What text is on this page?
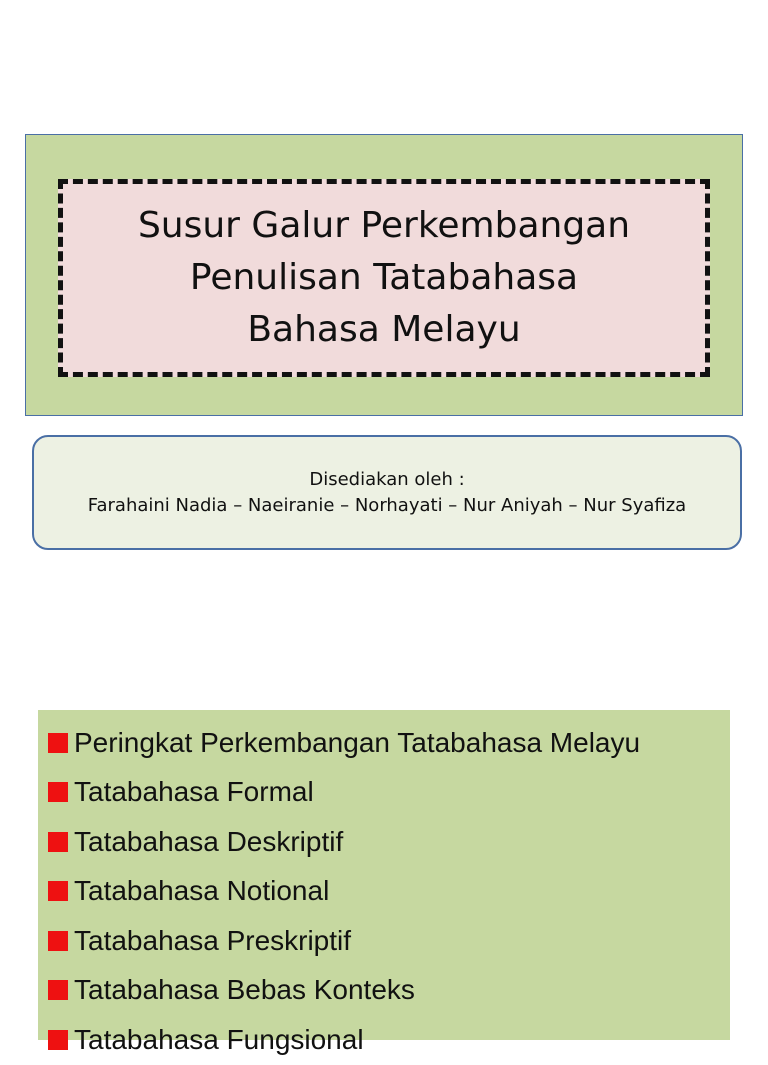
Susur Galur Perkembangan
Penulisan Tatabahasa
Bahasa Melayu
Disediakan oleh :
Farahaini Nadia – Naeiranie – Norhayati – Nur Aniyah – Nur Syafiza
Peringkat Perkembangan Tatabahasa Melayu
Tatabahasa Formal
Tatabahasa Deskriptif
Tatabahasa Notional
Tatabahasa Preskriptif
Tatabahasa Bebas Konteks
Tatabahasa Fungsional
